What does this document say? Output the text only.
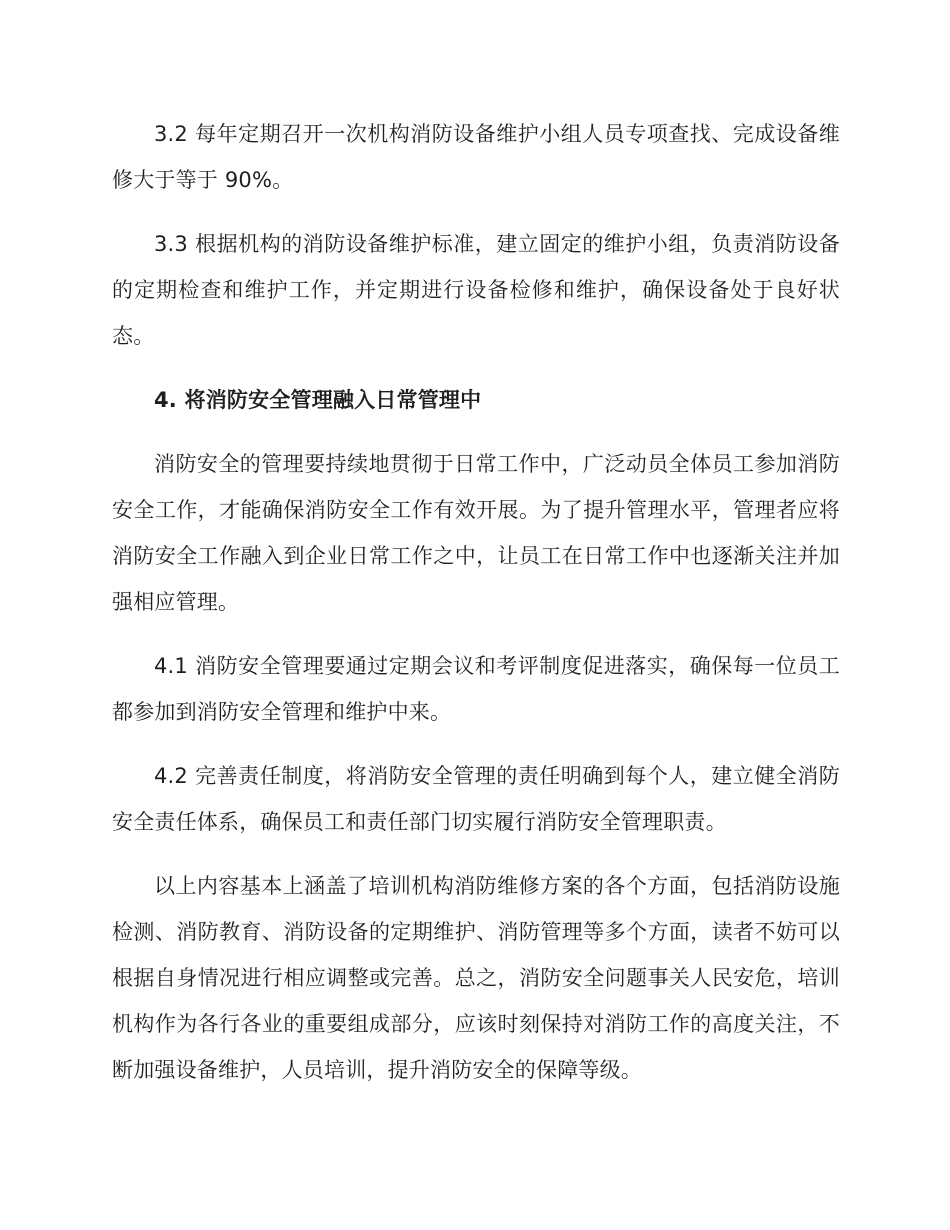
3.2 每年定期召开一次机构消防设备维护小组人员专项查找、完成设备维修大于等于 90%。

3.3 根据机构的消防设备维护标准，建立固定的维护小组，负责消防设备的定期检查和维护工作，并定期进行设备检修和维护，确保设备处于良好状态。

4. 将消防安全管理融入日常管理中

消防安全的管理要持续地贯彻于日常工作中，广泛动员全体员工参加消防安全工作，才能确保消防安全工作有效开展。为了提升管理水平，管理者应将消防安全工作融入到企业日常工作之中，让员工在日常工作中也逐渐关注并加强相应管理。

4.1 消防安全管理要通过定期会议和考评制度促进落实，确保每一位员工都参加到消防安全管理和维护中来。

4.2 完善责任制度，将消防安全管理的责任明确到每个人，建立健全消防安全责任体系，确保员工和责任部门切实履行消防安全管理职责。

以上内容基本上涵盖了培训机构消防维修方案的各个方面，包括消防设施检测、消防教育、消防设备的定期维护、消防管理等多个方面，读者不妨可以根据自身情况进行相应调整或完善。总之，消防安全问题事关人民安危，培训机构作为各行各业的重要组成部分，应该时刻保持对消防工作的高度关注，不断加强设备维护，人员培训，提升消防安全的保障等级。
